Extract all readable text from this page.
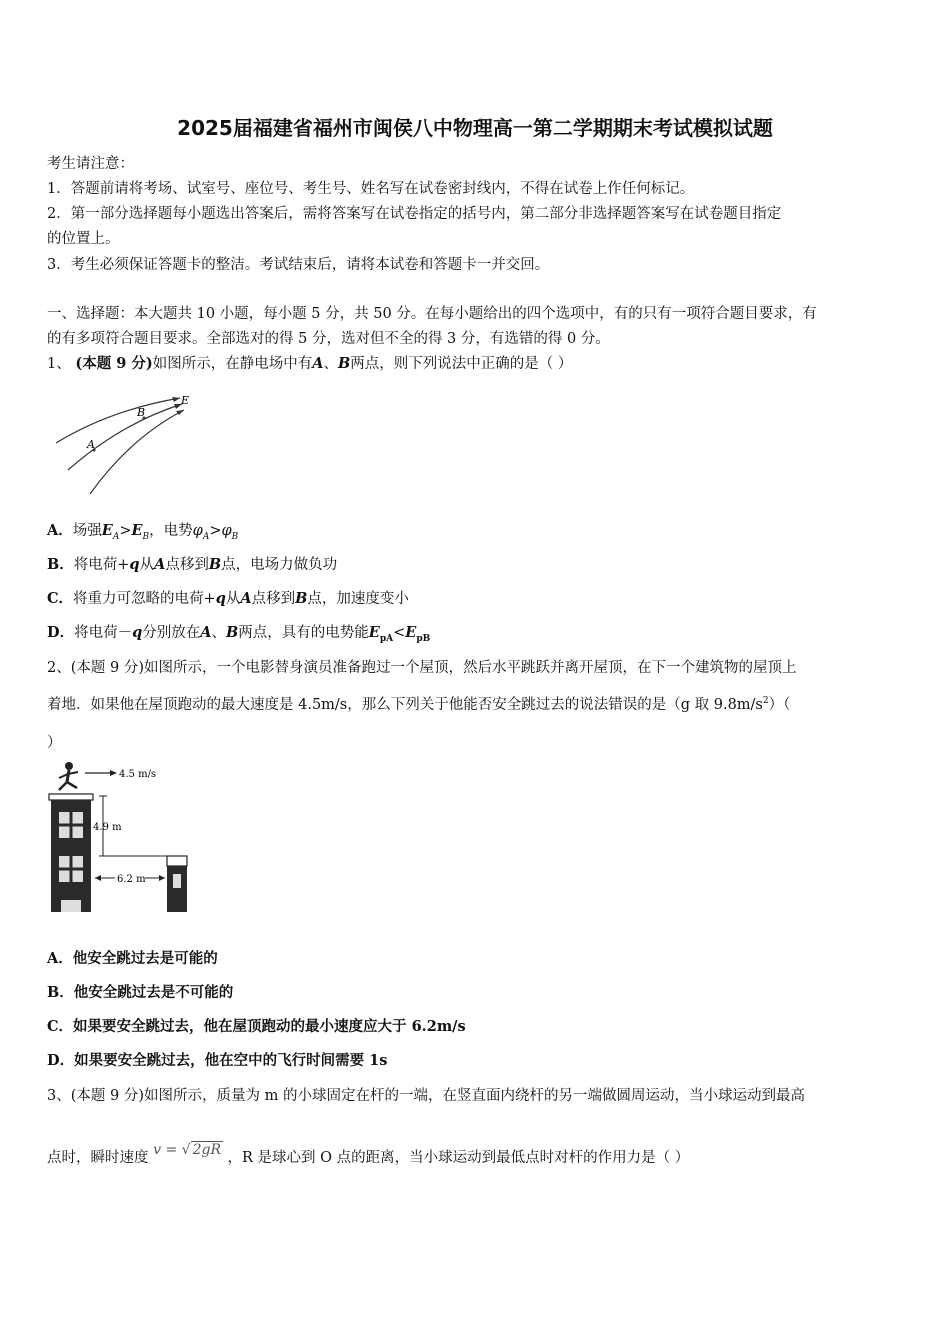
2025届福建省福州市闽侯八中物理高一第二学期期末考试模拟试题
考生请注意：
1．答题前请将考场、试室号、座位号、考生号、姓名写在试卷密封线内，不得在试卷上作任何标记。
2．第一部分选择题每小题选出答案后，需将答案写在试卷指定的括号内，第二部分非选择题答案写在试卷题目指定
的位置上。
3．考生必须保证答题卡的整洁。考试结束后，请将本试卷和答题卡一并交回。
一、选择题：本大题共 10 小题，每小题 5 分，共 50 分。在每小题给出的四个选项中，有的只有一项符合题目要求，有
的有多项符合题目要求。全部选对的得 5 分，选对但不全的得 3 分，有选错的得 0 分。
1、 (本题 9 分)如图所示，在静电场中有A、B两点，则下列说法中正确的是（ ）
A
B
E
A．场强$E_A>E_B$，电势$\varphi_A>\varphi_B$
B．将电荷+q从A点移到B点，电场力做负功
C．将重力可忽略的电荷+q从A点移到B点，加速度变小
D．将电荷－q分别放在A、B两点，具有的电势能$E_{pA}<E_{pB}$
2、(本题 9 分)如图所示，一个电影替身演员准备跑过一个屋顶，然后水平跳跃并离开屋顶，在下一个建筑物的屋顶上
着地．如果他在屋顶跑动的最大速度是 4.5m/s，那么下列关于他能否安全跳过去的说法错误的是（g 取 $9.8m/s^2$）（
）
4.5 m/s
4.9 m
6.2 m
A．他安全跳过去是可能的
B．他安全跳过去是不可能的
C．如果要安全跳过去，他在屋顶跑动的最小速度应大于 6.2m/s
D．如果要安全跳过去，他在空中的飞行时间需要 1s
3、(本题 9 分)如图所示，质量为 m 的小球固定在杆的一端，在竖直面内绕杆的另一端做圆周运动，当小球运动到最高
点时，瞬时速度 v = √ 2gR ，R 是球心到 O 点的距离，当小球运动到最低点时对杆的作用力是（ ）
